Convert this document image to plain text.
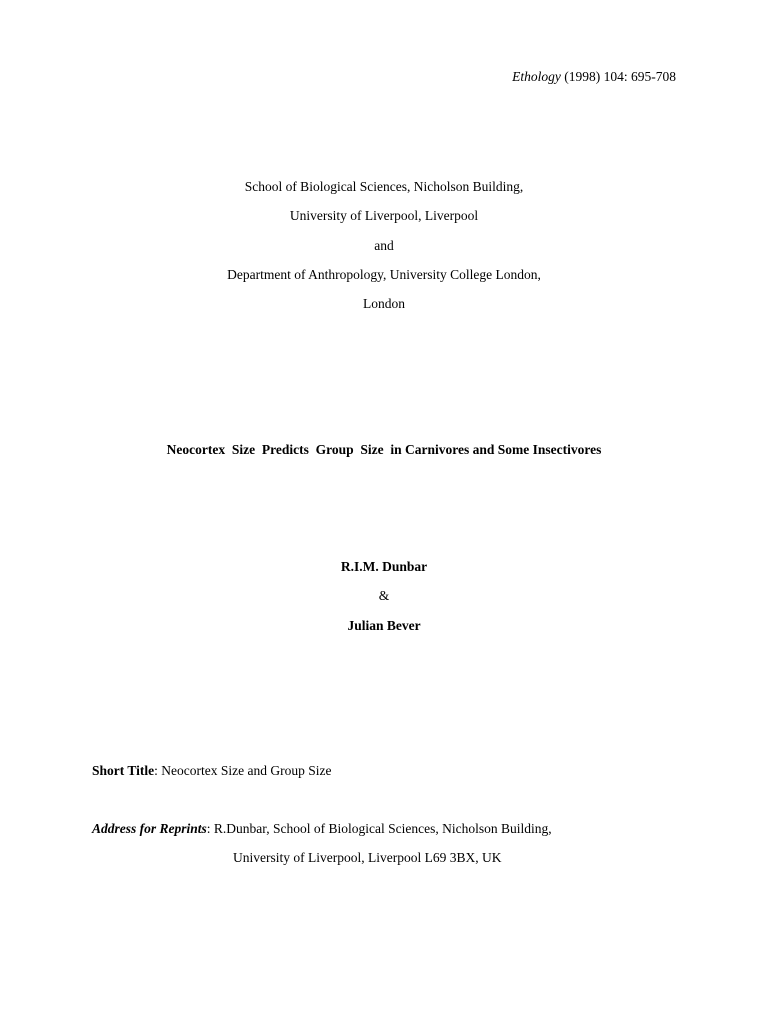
Ethology (1998) 104: 695-708
School of Biological Sciences, Nicholson Building,
University of Liverpool, Liverpool
and
Department of Anthropology, University College London,
London
Neocortex  Size  Predicts  Group  Size  in Carnivores and Some Insectivores
R.I.M. Dunbar
&
Julian Bever
Short Title: Neocortex Size and Group Size
Address for Reprints: R.Dunbar, School of Biological Sciences, Nicholson Building,
University of Liverpool, Liverpool L69 3BX, UK
